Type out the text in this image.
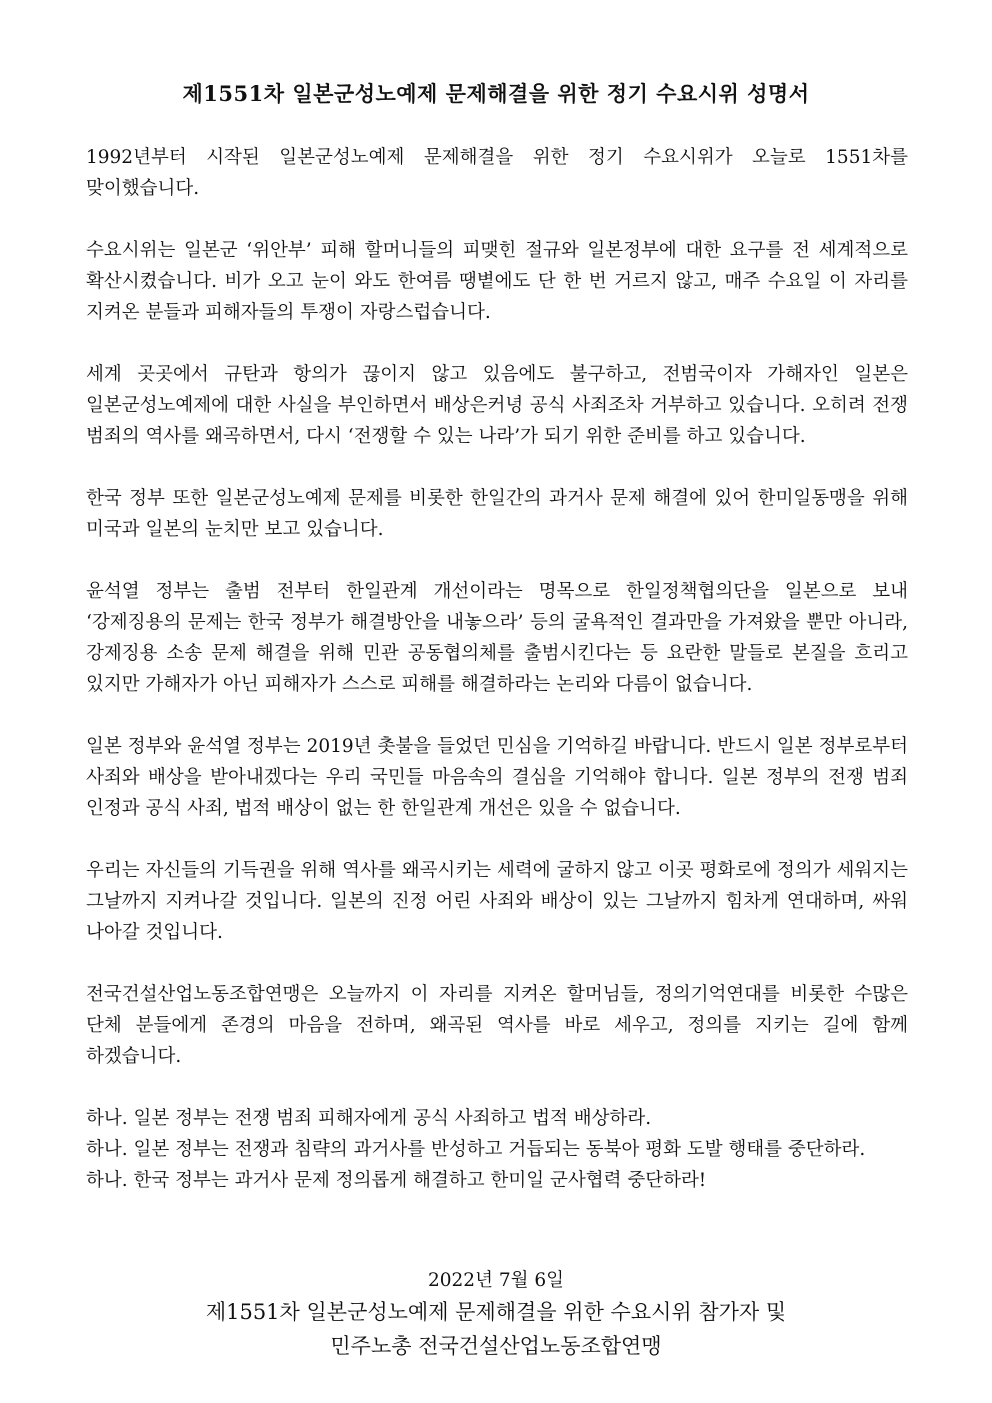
제1551차 일본군성노예제 문제해결을 위한 정기 수요시위 성명서

1992년부터 시작된 일본군성노예제 문제해결을 위한 정기 수요시위가 오늘로 1551차를 맞이했습니다.

수요시위는 일본군 ‘위안부’ 피해 할머니들의 피맺힌 절규와 일본정부에 대한 요구를 전 세계적으로 확산시켰습니다. 비가 오고 눈이 와도 한여름 땡볕에도 단 한 번 거르지 않고, 매주 수요일 이 자리를 지켜온 분들과 피해자들의 투쟁이 자랑스럽습니다.

세계 곳곳에서 규탄과 항의가 끊이지 않고 있음에도 불구하고, 전범국이자 가해자인 일본은 일본군성노예제에 대한 사실을 부인하면서 배상은커녕 공식 사죄조차 거부하고 있습니다. 오히려 전쟁 범죄의 역사를 왜곡하면서, 다시 ‘전쟁할 수 있는 나라’가 되기 위한 준비를 하고 있습니다.

한국 정부 또한 일본군성노예제 문제를 비롯한 한일간의 과거사 문제 해결에 있어 한미일동맹을 위해 미국과 일본의 눈치만 보고 있습니다.

윤석열 정부는 출범 전부터 한일관계 개선이라는 명목으로 한일정책협의단을 일본으로 보내 ‘강제징용의 문제는 한국 정부가 해결방안을 내놓으라’ 등의 굴욕적인 결과만을 가져왔을 뿐만 아니라, 강제징용 소송 문제 해결을 위해 민관 공동협의체를 출범시킨다는 등 요란한 말들로 본질을 흐리고 있지만 가해자가 아닌 피해자가 스스로 피해를 해결하라는 논리와 다름이 없습니다.

일본 정부와 윤석열 정부는 2019년 촛불을 들었던 민심을 기억하길 바랍니다. 반드시 일본 정부로부터 사죄와 배상을 받아내겠다는 우리 국민들 마음속의 결심을 기억해야 합니다. 일본 정부의 전쟁 범죄 인정과 공식 사죄, 법적 배상이 없는 한 한일관계 개선은 있을 수 없습니다.

우리는 자신들의 기득권을 위해 역사를 왜곡시키는 세력에 굴하지 않고 이곳 평화로에 정의가 세워지는 그날까지 지켜나갈 것입니다. 일본의 진정 어린 사죄와 배상이 있는 그날까지 힘차게 연대하며, 싸워 나아갈 것입니다.

전국건설산업노동조합연맹은 오늘까지 이 자리를 지켜온 할머님들, 정의기억연대를 비롯한 수많은 단체 분들에게 존경의 마음을 전하며, 왜곡된 역사를 바로 세우고, 정의를 지키는 길에 함께 하겠습니다.

하나. 일본 정부는 전쟁 범죄 피해자에게 공식 사죄하고 법적 배상하라.
하나. 일본 정부는 전쟁과 침략의 과거사를 반성하고 거듭되는 동북아 평화 도발 행태를 중단하라.
하나. 한국 정부는 과거사 문제 정의롭게 해결하고 한미일 군사협력 중단하라!
2022년 7월 6일
제1551차 일본군성노예제 문제해결을 위한 수요시위 참가자 및
민주노총 전국건설산업노동조합연맹
